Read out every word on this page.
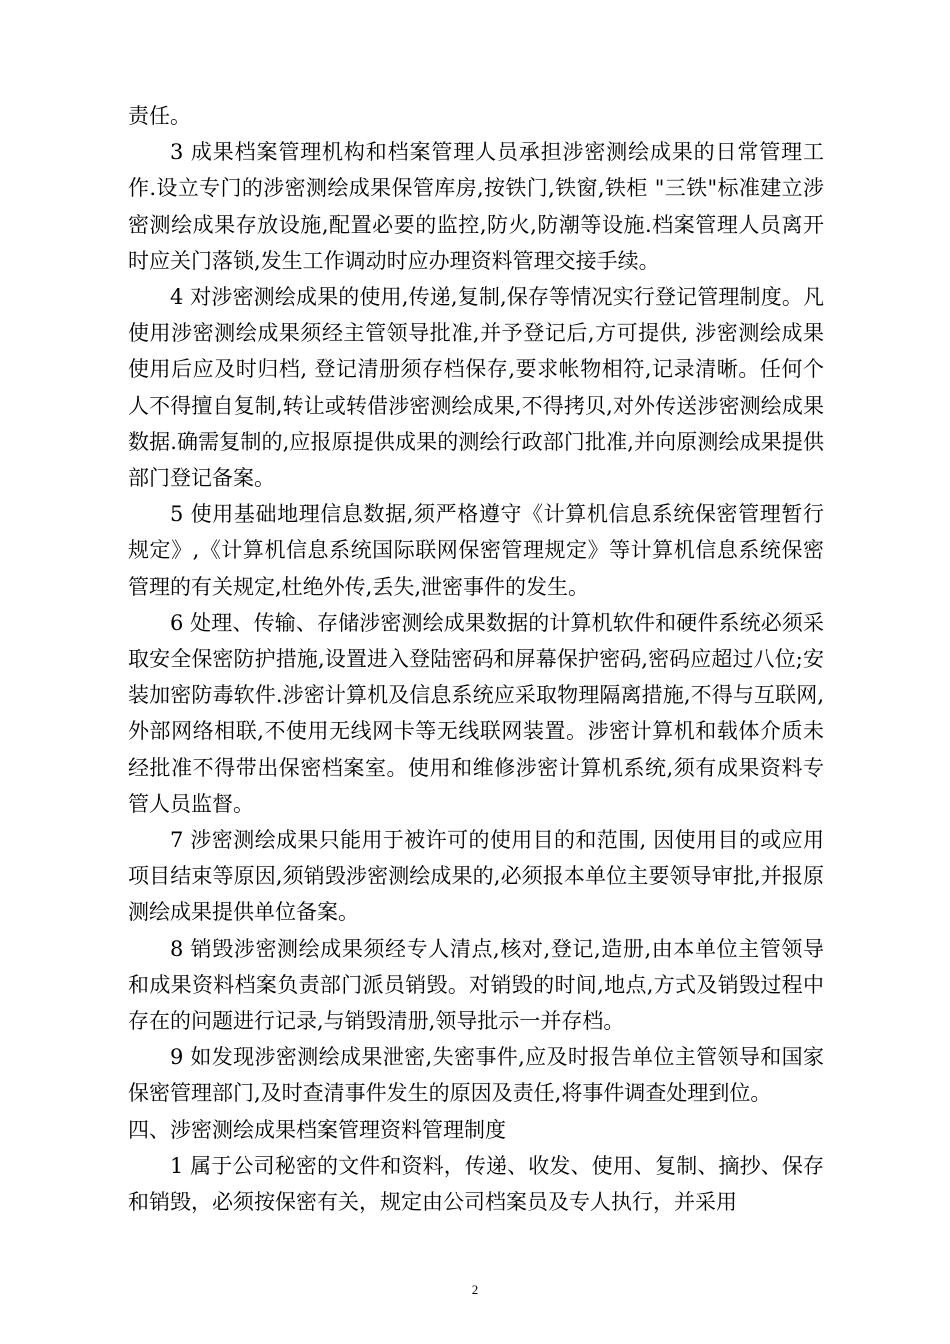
责任。

3 成果档案管理机构和档案管理人员承担涉密测绘成果的日常管理工作.设立专门的涉密测绘成果保管库房,按铁门,铁窗,铁柜 "三铁"标准建立涉密测绘成果存放设施,配置必要的监控,防火,防潮等设施.档案管理人员离开时应关门落锁,发生工作调动时应办理资料管理交接手续。

4 对涉密测绘成果的使用,传递,复制,保存等情况实行登记管理制度。凡使用涉密测绘成果须经主管领导批准,并予登记后,方可提供, 涉密测绘成果使用后应及时归档, 登记清册须存档保存,要求帐物相符,记录清晰。任何个人不得擅自复制,转让或转借涉密测绘成果,不得拷贝,对外传送涉密测绘成果数据.确需复制的,应报原提供成果的测绘行政部门批准,并向原测绘成果提供部门登记备案。

5 使用基础地理信息数据,须严格遵守《计算机信息系统保密管理暂行规定》,《计算机信息系统国际联网保密管理规定》等计算机信息系统保密管理的有关规定,杜绝外传,丢失,泄密事件的发生。

6 处理、传输、存储涉密测绘成果数据的计算机软件和硬件系统必须采取安全保密防护措施,设置进入登陆密码和屏幕保护密码,密码应超过八位;安装加密防毒软件.涉密计算机及信息系统应采取物理隔离措施,不得与互联网,外部网络相联,不使用无线网卡等无线联网装置。涉密计算机和载体介质未经批准不得带出保密档案室。使用和维修涉密计算机系统,须有成果资料专管人员监督。

7 涉密测绘成果只能用于被许可的使用目的和范围, 因使用目的或应用项目结束等原因,须销毁涉密测绘成果的,必须报本单位主要领导审批,并报原测绘成果提供单位备案。

8 销毁涉密测绘成果须经专人清点,核对,登记,造册,由本单位主管领导和成果资料档案负责部门派员销毁。对销毁的时间,地点,方式及销毁过程中存在的问题进行记录,与销毁清册,领导批示一并存档。

9 如发现涉密测绘成果泄密,失密事件,应及时报告单位主管领导和国家保密管理部门,及时查清事件发生的原因及责任,将事件调查处理到位。

四、涉密测绘成果档案管理资料管理制度

1 属于公司秘密的文件和资料，传递、收发、使用、复制、摘抄、保存和销毁，必须按保密有关，规定由公司档案员及专人执行，并采用

2
